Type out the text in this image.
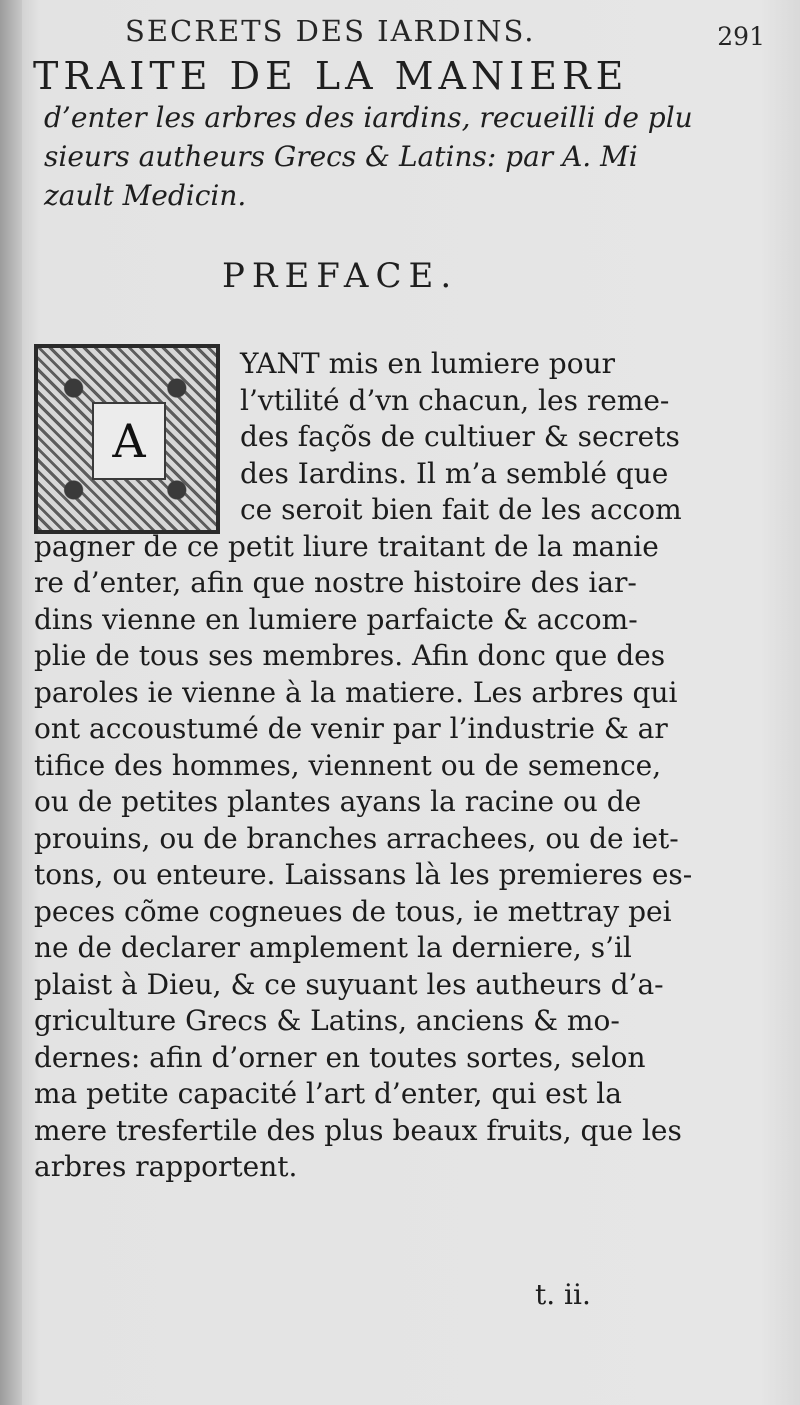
SECRETS DES IARDINS.	291
TRAITE DE LA MANIERE
d’enter les arbres des iardins, recueilli de plu
sieurs autheurs Grecs & Latins: par A. Mi
zault Medicin.
PREFACE.
A
YANT mis en lumiere pour
l’vtilité d’vn chacun, les reme-
des façõs de cultiuer & secrets
des Iardins. Il m’a semblé que
ce seroit bien fait de les accom
pagner de ce petit liure traitant de la manie
re d’enter, afin que nostre histoire des iar-
dins vienne en lumiere parfaicte & accom-
plie de tous ses membres. Afin donc que des
paroles ie vienne à la matiere. Les arbres qui
ont accoustumé de venir par l’industrie & ar
tifice des hommes, viennent ou de semence,
ou de petites plantes ayans la racine ou de
prouins, ou de branches arrachees, ou de iet-
tons, ou enteure. Laissans là les premieres es-
peces cõme cogneues de tous, ie mettray pei
ne de declarer amplement la derniere, s’il
plaist à Dieu, & ce suyuant les autheurs d’a-
griculture Grecs & Latins, anciens & mo-
dernes: afin d’orner en toutes sortes, selon
ma petite capacité l’art d’enter, qui est la
mere tresfertile des plus beaux fruits, que les
arbres rapportent.
t. ii.
